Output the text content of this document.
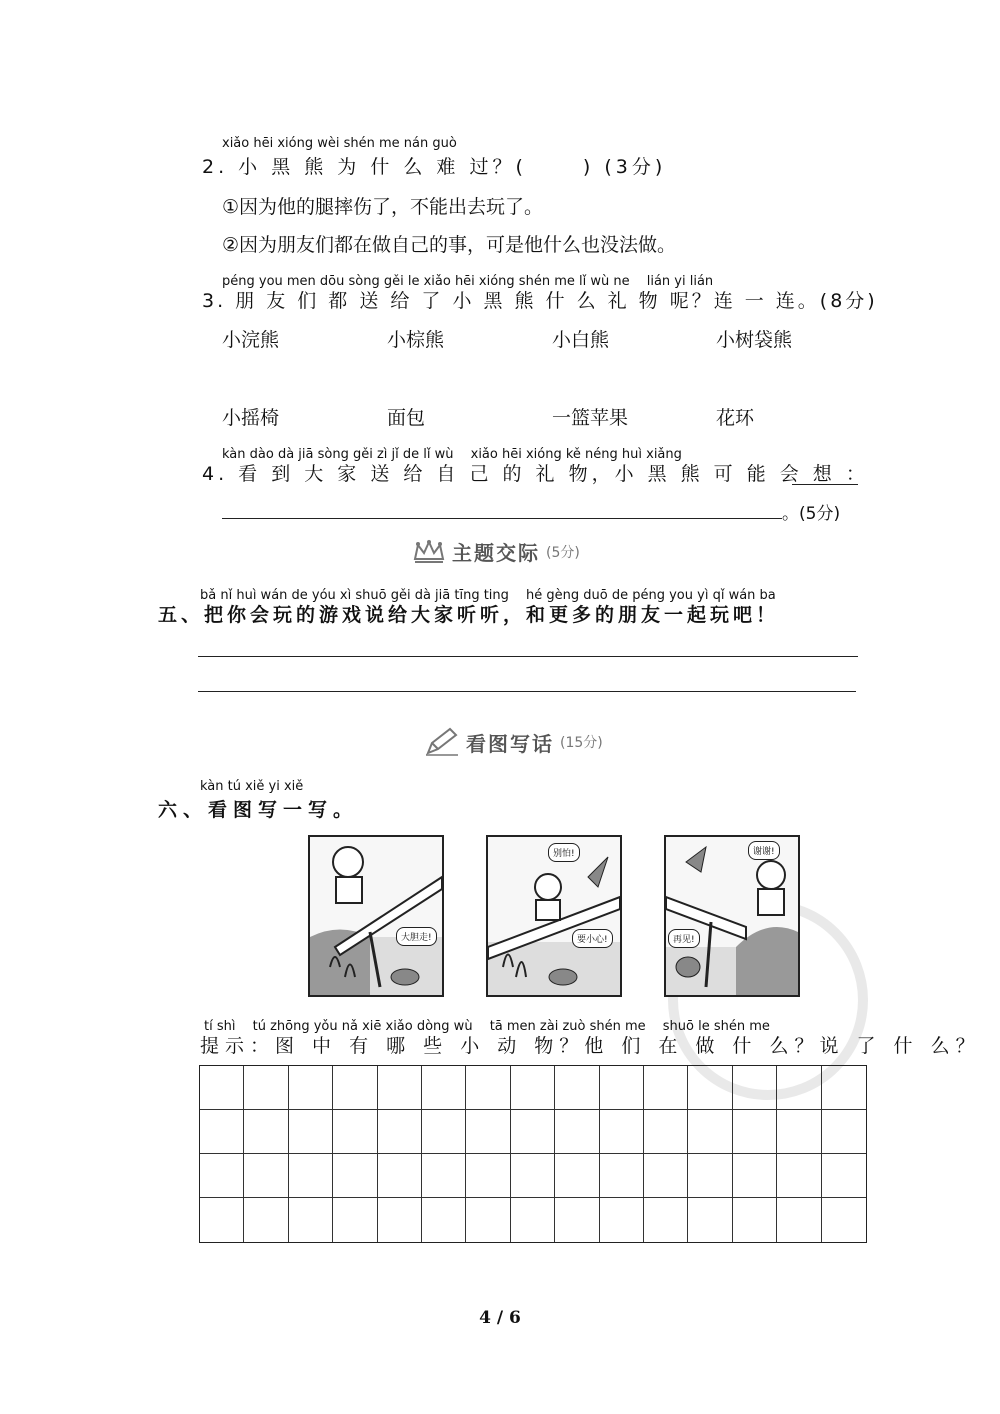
xiǎo hēi xióng wèi shén me nán guò
2. 小 黑 熊 为 什 么 难 过？(　　 ) (3分)
①因为他的腿摔伤了，不能出去玩了。
②因为朋友们都在做自己的事，可是他什么也没法做。
péng you men dōu sòng gěi le xiǎo hēi xióng shén me lǐ wù ne　 lián yi lián
3. 朋 友 们 都 送 给 了 小 黑 熊 什 么 礼 物 呢？连 一 连。(8分)
小浣熊	小棕熊	小白熊	小树袋熊
小摇椅	面包	一篮苹果	花环
kàn dào dà jiā sòng gěi zì jǐ de lǐ wù　 xiǎo hēi xióng kě néng huì xiǎng
4. 看 到 大 家 送 给 自 己 的 礼 物，小 黑 熊 可 能 会 想 ：
。(5分)
主题交际 (5分)
bǎ nǐ huì wán de yóu xì shuō gěi dà jiā tīng ting　 hé gèng duō de péng you yì qǐ wán ba
五、把你会玩的游戏说给大家听听，和更多的朋友一起玩吧！
看图写话 (15分)
kàn tú xiě yi xiě
六、看图写一写。
大胆走!
别怕!
要小心!
谢谢!
再见!
tí shì　 tú zhōng yǒu nǎ xiē xiǎo dòng wù　 tā men zài zuò shén me　 shuō le shén me
提示：图 中 有 哪 些 小 动 物？他 们 在 做 什 么？说 了 什 么？
4 / 6
